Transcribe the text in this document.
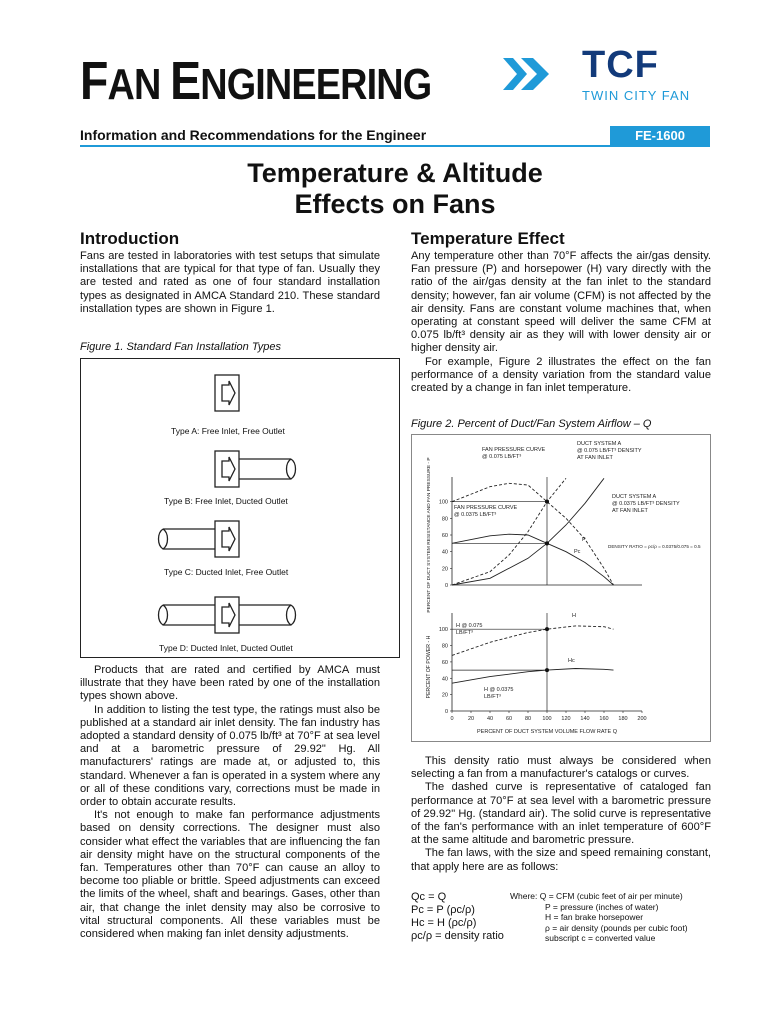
FAN ENGINEERING	TCF
TWIN CITY FAN
Information and Recommendations for the Engineer	FE-1600
Temperature & Altitude
Effects on Fans
Introduction
Fans are tested in laboratories with test setups that simulate installations that are typical for that type of fan. Usually they are tested and rated as one of four standard installation types as designated in AMCA Standard 210. These standard installation types are shown in Figure 1.
Figure 1. Standard Fan Installation Types
Type A: Free Inlet, Free Outlet
Type B: Free Inlet, Ducted Outlet
Type C: Ducted Inlet, Free Outlet
Type D: Ducted Inlet, Ducted Outlet

Products that are rated and certified by AMCA must illustrate that they have been rated by one of the installation types shown above.

In addition to listing the test type, the ratings must also be published at a standard air inlet density. The fan industry has adopted a standard density of 0.075 lb/ft³ at 70°F at sea level and at a barometric pressure of 29.92" Hg. All manufacturers' ratings are made at, or adjusted to, this standard. Whenever a fan is operated in a system where any or all of these conditions vary, corrections must be made in order to obtain accurate results.

It's not enough to make fan performance adjustments based on density corrections. The designer must also consider what effect the variables that are influencing the fan air density might have on the structural components of the fan. Temperatures other than 70°F can cause an alloy to become too pliable or brittle. Speed adjustments can exceed the limits of the wheel, shaft and bearings. Gases, other than air, that change the inlet density may also be corrosive to vital structural components. All these variables must be considered when making fan inlet density adjustments.

Temperature Effect

Any temperature other than 70°F affects the air/gas density. Fan pressure (P) and horsepower (H) vary directly with the ratio of the air/gas density at the fan inlet to the standard density; however, fan air volume (CFM) is not affected by the air density. Fans are constant volume machines that, when operating at constant speed will deliver the same CFM at 0.075 lb/ft³ density air as they will with lower density air or higher density air.

For example, Figure 2 illustrates the effect on the fan performance of a density variation from the standard value created by a change in fan inlet temperature.

Figure 2. Percent of Duct/Fan System Airflow – Q
0
20
40
60
80
100
0
20
40
60
80
100
0	20 40 60 80 100 120 140 160 180 200
FAN PRESSURE CURVE
@ 0.075 LB/FT³
DUCT SYSTEM A
@ 0.075 LB/FT³ DENSITY
AT FAN INLET
FAN PRESSURE CURVE
@ 0.0375 LB/FT³
DUCT SYSTEM A
@ 0.0375 LB/FT³ DENSITY
AT FAN INLET
P
Pc
DENSITY RATIO = ρc/ρ = 0.0375/0.075 = 0.5
H @ 0.075
LB/FT³
H @ 0.0375
LB/FT³
H
Hc
PERCENT OF DUCT SYSTEM RESISTANCE AND FAN PRESSURE - P
PERCENT OF POWER - H
PERCENT OF DUCT SYSTEM VOLUME FLOW RATE Q

This density ratio must always be considered when selecting a fan from a manufacturer's catalogs or curves.

The dashed curve is representative of cataloged fan performance at 70°F at sea level with a barometric pressure of 29.92" Hg. (standard air). The solid curve is representative of the fan's performance with an inlet temperature of 600°F at the same altitude and barometric pressure.

The fan laws, with the size and speed remaining constant, that apply here are as follows:

Qc = Q
Pc = P (ρc/ρ)
Hc = H (ρc/ρ)
ρc/ρ = density ratio
Where: Q = CFM (cubic feet of air per minute)
P = pressure (inches of water)
H = fan brake horsepower
ρ = air density (pounds per cubic foot)
subscript c = converted value
